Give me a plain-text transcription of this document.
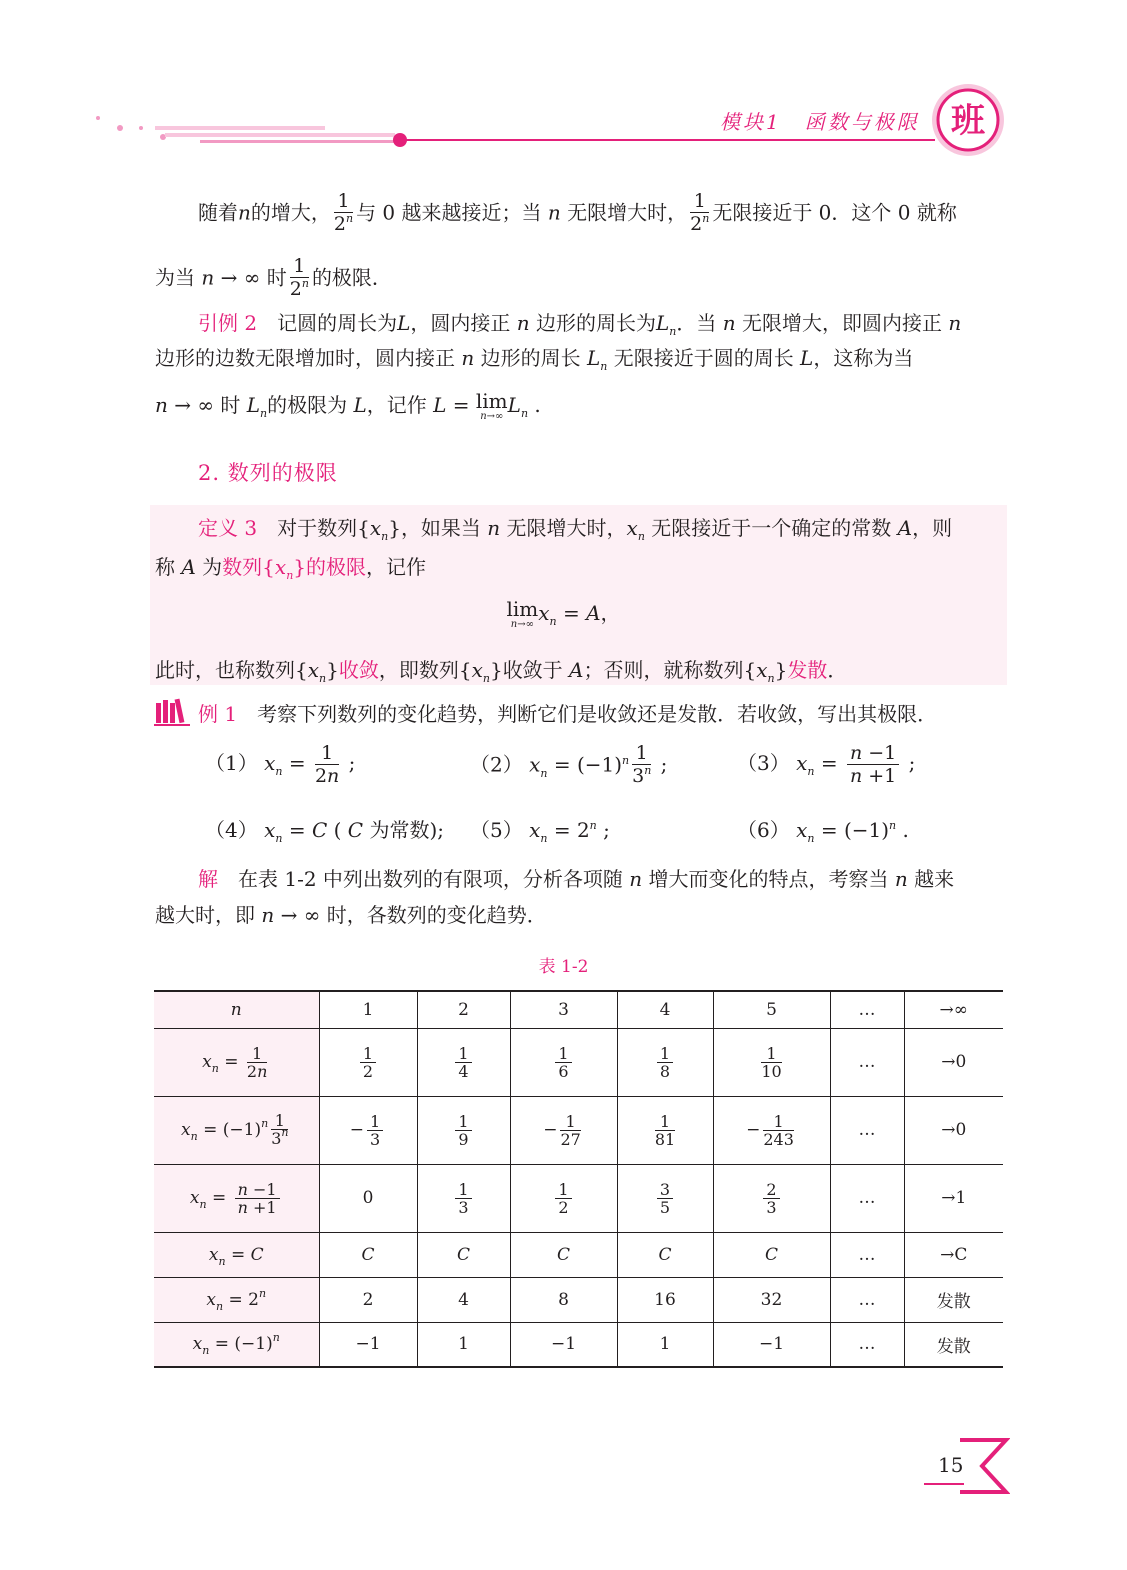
模块1　函数与极限 班
随着n的增大， $\frac{1}{2^n}$ 与 0 越来越接近；当 n 无限增大时， $\frac{1}{2^n}$ 无限接近于 0．这个 0 就称
为当 n → ∞ 时 $\frac{1}{2^n}$ 的极限．
引例 2　 记圆的周长为L，圆内接正 n 边形的周长为$L_n$．当 n 无限增大，即圆内接正 n
边形的边数无限增加时，圆内接正 n 边形的周长 $L_n$ 无限接近于圆的周长 L，这称为当
n → ∞ 时 $L_n$的极限为 L，记作 L = lim

n→∞ $L_n$ .
2. 数列的极限
定义 3　 对于数列$\{x_n\}$，如果当 n 无限增大时，$x_n$ 无限接近于一个确定的常数 A，则
称 A 为数列$\{x_n\}$的极限，记作
lim

n→∞ $x_n = A$，
此时，也称数列$\{x_n\}$收敛，即数列$\{x_n\}$收敛于 A；否则，就称数列$\{x_n\}$发散．
例 1　 考察下列数列的变化趋势，判断它们是收敛还是发散．若收敛，写出其极限．
（1） $x_n = \frac{1}{2n}$ ;	（2） $x_n = (-1)^n \frac{1}{3^n}$ ;	（3） $x_n = \frac{n -1}{n +1}$ ;
（4） $x_n = C$ ( C 为常数);	（5） $x_n = 2^n$ ;	（6） $x_n = (-1)^n$ .
解　 在表 1-2 中列出数列的有限项，分析各项随 n 增大而变化的特点，考察当 n 越来
越大时，即 n → ∞ 时，各数列的变化趋势．
表 1-2
n	1	2	3	4	5	…	→∞
$x_n = \frac{1}{2n}$	$\frac{1}{2}$	$\frac{1}{4}$	$\frac{1}{6}$	$\frac{1}{8}$	$\frac{1}{10}$	…	→0
$x_n = (-1)^n \frac{1}{3^n}$	− $\frac{1}{3}$	$\frac{1}{9}$	− $\frac{1}{27}$	$\frac{1}{81}$	− $\frac{1}{243}$	…	→0
$x_n = \frac{n -1}{n +1}$	0	$\frac{1}{3}$	$\frac{1}{2}$	$\frac{3}{5}$	$\frac{2}{3}$	…	→1
$x_n = C$	C	C	C	C	C	…	→C
$x_n = 2^n$	2	4	8	16	32	…	发散
$x_n = (-1)^n$	−1	1	−1	1	−1	…	发散
15
